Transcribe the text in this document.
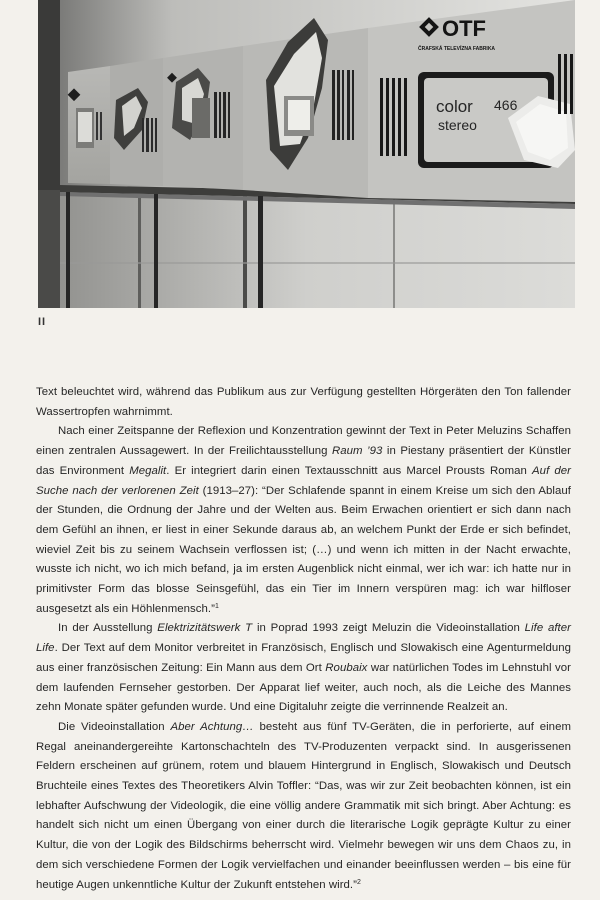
OTF
ČRAFSKÁ TELEVÍZNA FABRIKA
color 466
stereo
II

Text beleuchtet wird, während das Publikum aus zur Verfügung gestellten Hörgeräten den Ton fallender Wassertropfen wahrnimmt.

Nach einer Zeitspanne der Reflexion und Konzentration gewinnt der Text in Peter Meluzins Schaffen einen zentralen Aussagewert. In der Freilichtausstellung Raum ’93 in Piestany präsentiert der Künstler das Environment Megalit. Er integriert darin einen Textausschnitt aus Marcel Prousts Roman Auf der Suche nach der verlorenen Zeit (1913–27): “Der Schlafende spannt in einem Kreise um sich den Ablauf der Stunden, die Ordnung der Jahre und der Welten aus. Beim Erwachen orientiert er sich dann nach dem Gefühl an ihnen, er liest in einer Sekunde daraus ab, an welchem Punkt der Erde er sich befindet, wieviel Zeit bis zu seinem Wachsein verflossen ist; (…) und wenn ich mitten in der Nacht erwachte, wusste ich nicht, wo ich mich befand, ja im ersten Augenblick nicht einmal, wer ich war: ich hatte nur in primitivster Form das blosse Seinsgefühl, das ein Tier im Innern verspüren mag: ich war hilfloser ausgesetzt als ein Höhlenmensch.”$^1$

In der Ausstellung Elektrizitätswerk T in Poprad 1993 zeigt Meluzin die Videoinstallation Life after Life. Der Text auf dem Monitor verbreitet in Französisch, Englisch und Slowakisch eine Agenturmeldung aus einer französischen Zeitung: Ein Mann aus dem Ort Roubaix war natürlichen Todes im Lehnstuhl vor dem laufenden Fernseher gestorben. Der Apparat lief weiter, auch noch, als die Leiche des Mannes zehn Monate später gefunden wurde. Und eine Digitaluhr zeigte die verrinnende Realzeit an.

Die Videoinstallation Aber Achtung… besteht aus fünf TV-Geräten, die in perforierte, auf einem Regal aneinandergereihte Kartonschachteln des TV-Produzenten verpackt sind. In ausgerissenen Feldern erscheinen auf grünem, rotem und blauem Hintergrund in Englisch, Slowakisch und Deutsch Bruchteile eines Textes des Theoretikers Alvin Toffler: “Das, was wir zur Zeit beobachten können, ist ein lebhafter Aufschwung der Videologik, die eine völlig andere Grammatik mit sich bringt. Aber Achtung: es handelt sich nicht um einen Übergang von einer durch die literarische Logik geprägte Kultur zu einer Kultur, die von der Logik des Bildschirms beherrscht wird. Vielmehr bewegen wir uns dem Chaos zu, in dem sich verschiedene Formen der Logik vervielfachen und einander beeinflussen werden – bis eine für heutige Augen unkenntliche Kultur der Zukunft entstehen wird.”$^2$
